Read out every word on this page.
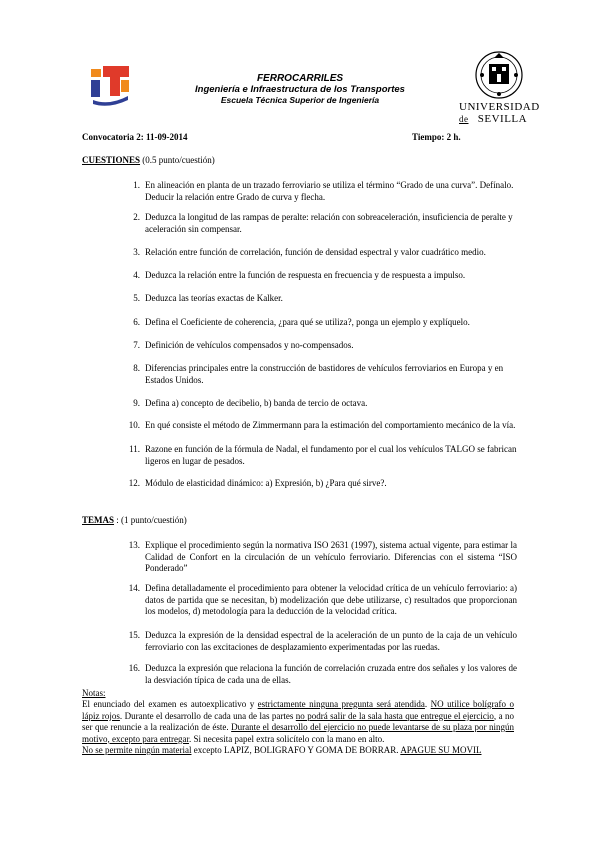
FERROCARRILES
Ingeniería e Infraestructura de los Transportes
Escuela Técnica Superior de Ingeniería
UNIVERSIDAD
de SEVILLA
Convocatoria 2: 11-09-2014	Tiempo: 2 h.
CUESTIONES (0.5 punto/cuestión)
1. En alineación en planta de un trazado ferroviario se utiliza el término “Grado de una curva”. Defínalo. Deducir la relación entre Grado de curva y flecha.
2. Deduzca la longitud de las rampas de peralte: relación con sobreaceleración, insuficiencia de peralte y aceleración sin compensar.
3. Relación entre función de correlación, función de densidad espectral y valor cuadrático medio.
4. Deduzca la relación entre la función de respuesta en frecuencia y de respuesta a impulso.
5. Deduzca las teorías exactas de Kalker.
6. Defina el Coeficiente de coherencia, ¿para qué se utiliza?, ponga un ejemplo y explíquelo.
7. Definición de vehículos compensados y no-compensados.
8. Diferencias principales entre la construcción de bastidores de vehículos ferroviarios en Europa y en Estados Unidos.
9. Defina a) concepto de decibelio, b) banda de tercio de octava.
10. En qué consiste el método de Zimmermann para la estimación del comportamiento mecánico de la vía.
11. Razone en función de la fórmula de Nadal, el fundamento por el cual los vehículos TALGO se fabrican ligeros en lugar de pesados.
12. Módulo de elasticidad dinámico: a) Expresión, b) ¿Para qué sirve?.
TEMAS : (1 punto/cuestión)
13. Explique el procedimiento según la normativa ISO 2631 (1997), sistema actual vigente, para estimar la Calidad de Confort en la circulación de un vehículo ferroviario. Diferencias con el sistema “ISO Ponderado”
14. Defina detalladamente el procedimiento para obtener la velocidad crítica de un vehículo ferroviario: a) datos de partida que se necesitan, b) modelización que debe utilizarse, c) resultados que proporcionan los modelos, d) metodología para la deducción de la velocidad crítica.
15. Deduzca la expresión de la densidad espectral de la aceleración de un punto de la caja de un vehículo ferroviario con las excitaciones de desplazamiento experimentadas por las ruedas.
16. Deduzca la expresión que relaciona la función de correlación cruzada entre dos señales y los valores de la desviación típica de cada una de ellas.
Notas:
El enunciado del examen es autoexplicativo y estrictamente ninguna pregunta será atendida. NO utilice bolígrafo o lápiz rojos. Durante el desarrollo de cada una de las partes no podrá salir de la sala hasta que entregue el ejercicio, a no ser que renuncie a la realización de éste. Durante el desarrollo del ejercicio no puede levantarse de su plaza por ningún motivo, excepto para entregar. Si necesita papel extra solicítelo con la mano en alto.
No se permite ningún material excepto LAPIZ, BOLIGRAFO Y GOMA DE BORRAR. APAGUE SU MOVIL
